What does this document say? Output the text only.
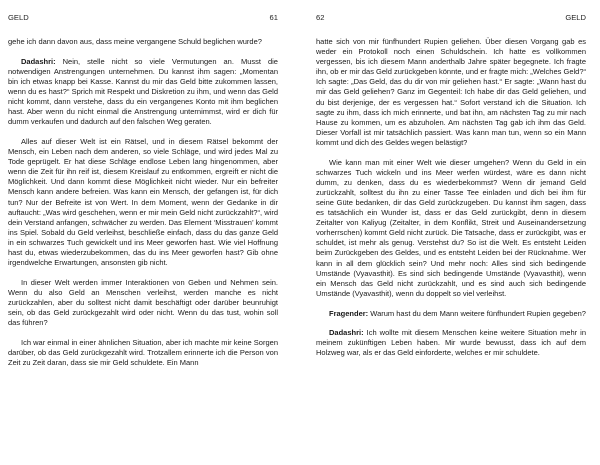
GELD	61

gehe ich dann davon aus, dass meine vergangene Schuld beglichen wurde?

Dadashri: Nein, stelle nicht so viele Vermutungen an. Musst die notwendigen Anstrengungen unternehmen. Du kannst ihm sagen: „Momentan bin ich etwas knapp bei Kasse. Kannst du mir das Geld bitte zukommen lassen, wenn du es hast?“ Sprich mit Respekt und Diskretion zu ihm, und wenn das Geld nicht kommt, dann verstehe, dass du ein vergangenes Konto mit ihm beglichen hast. Aber wenn du nicht einmal die Anstrengung unternimmst, wird er dich für dumm verkaufen und dadurch auf den falschen Weg geraten.

Alles auf dieser Welt ist ein Rätsel, und in diesem Rätsel bekommt der Mensch, ein Leben nach dem anderen, so viele Schläge, und wird jedes Mal zu Tode geprügelt. Er hat diese Schläge endlose Leben lang hingenommen, aber wenn die Zeit für ihn reif ist, diesem Kreislauf zu entkommen, ergreift er nicht die Möglichkeit. Und dann kommt diese Möglichkeit nicht wieder. Nur ein befreiter Mensch kann andere befreien. Was kann ein Mensch, der gefangen ist, für dich tun? Nur der Befreite ist von Wert. In dem Moment, wenn der Gedanke in dir auftaucht: „Was wird geschehen, wenn er mir mein Geld nicht zurückzahlt?“, wird dein Verstand anfangen, schwächer zu werden. Das Element ‘Misstrauen’ kommt ins Spiel. Sobald du Geld verleihst, beschließe einfach, dass du das ganze Geld in ein schwarzes Tuch gewickelt und ins Meer geworfen hast. Wie viel Hoffnung hast du, etwas wiederzubekommen, das du ins Meer geworfen hast? Gib ohne irgendwelche Erwartungen, ansonsten gib nicht.

In dieser Welt werden immer Interaktionen von Geben und Nehmen sein. Wenn du also Geld an Menschen verleihst, werden manche es nicht zurückzahlen, aber du solltest nicht damit beschäftigt oder darüber beunruhigt sein, ob das Geld zurückgezahlt wird oder nicht. Wenn du das tust, wohin soll das führen?

Ich war einmal in einer ähnlichen Situation, aber ich machte mir keine Sorgen darüber, ob das Geld zurückgezahlt wird. Trotzallem erinnerte ich die Person von Zeit zu Zeit daran, dass sie mir Geld schuldete. Ein Mann

62	GELD

hatte sich von mir fünfhundert Rupien geliehen. Über diesen Vorgang gab es weder ein Protokoll noch einen Schuldschein. Ich hatte es vollkommen vergessen, bis ich diesem Mann anderthalb Jahre später begegnete. Ich fragte ihn, ob er mir das Geld zurückgeben könnte, und er fragte mich: „Welches Geld?“ Ich sagte: „Das Geld, das du dir von mir geliehen hast.“ Er sagte: „Wann hast du mir das Geld geliehen? Ganz im Gegenteil: Ich habe dir das Geld geliehen, und du bist derjenige, der es vergessen hat.“ Sofort verstand ich die Situation. Ich sagte zu ihm, dass ich mich erinnerte, und bat ihn, am nächsten Tag zu mir nach Hause zu kommen, um es abzuholen. Am nächsten Tag gab ich ihm das Geld. Dieser Vorfall ist mir tatsächlich passiert. Was kann man tun, wenn so ein Mann kommt und dich des Geldes wegen belästigt?

Wie kann man mit einer Welt wie dieser umgehen? Wenn du Geld in ein schwarzes Tuch wickeln und ins Meer werfen würdest, wäre es dann nicht dumm, zu denken, dass du es wiederbekommst? Wenn dir jemand Geld zurückzahlt, solltest du ihn zu einer Tasse Tee einladen und dich bei ihm für seine Güte bedanken, dir das Geld zurückzugeben. Du kannst ihm sagen, dass es tatsächlich ein Wunder ist, dass er das Geld zurückgibt, denn in diesem Zeitalter von Kaliyug (Zeitalter, in dem Konflikt, Streit und Auseinandersetzung vorherrschen) kommt Geld nicht zurück. Die Tatsache, dass er zurückgibt, was er schuldet, ist mehr als genug. Verstehst du? So ist die Welt. Es entsteht Leiden beim Zurückgeben des Geldes, und es entsteht Leiden bei der Rücknahme. Wer kann in all dem glücklich sein? Und mehr noch: Alles sind sich bedingende Umstände (Vyavasthit). Es sind sich bedingende Umstände (Vyavasthit), wenn ein Mensch das Geld nicht zurückzahlt, und es sind auch sich bedingende Umstände (Vyavasthit), wenn du doppelt so viel verleihst.

Fragender: Warum hast du dem Mann weitere fünfhundert Rupien gegeben?

Dadashri: Ich wollte mit diesem Menschen keine weitere Situation mehr in meinem zukünftigen Leben haben. Mir wurde bewusst, dass ich auf dem Holzweg war, als er das Geld einforderte, welches er mir schuldete.
